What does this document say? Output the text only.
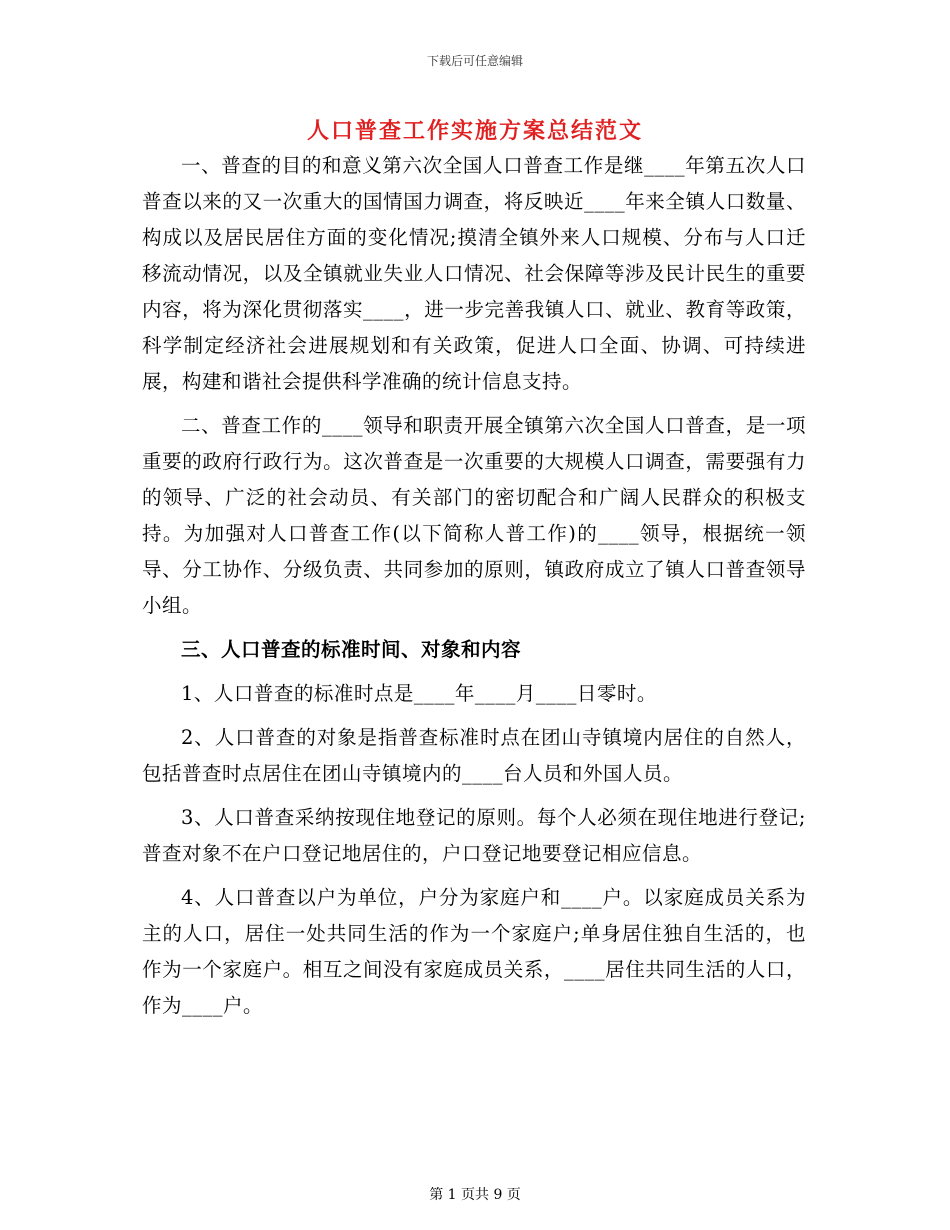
下载后可任意编辑
人口普查工作实施方案总结范文

一、普查的目的和意义第六次全国人口普查工作是继____年第五次人口普查以来的又一次重大的国情国力调查，将反映近____年来全镇人口数量、构成以及居民居住方面的变化情况;摸清全镇外来人口规模、分布与人口迁移流动情况，以及全镇就业失业人口情况、社会保障等涉及民计民生的重要内容，将为深化贯彻落实____，进一步完善我镇人口、就业、教育等政策，科学制定经济社会进展规划和有关政策，促进人口全面、协调、可持续进展，构建和谐社会提供科学准确的统计信息支持。

二、普查工作的____领导和职责开展全镇第六次全国人口普查，是一项重要的政府行政行为。这次普查是一次重要的大规模人口调查，需要强有力的领导、广泛的社会动员、有关部门的密切配合和广阔人民群众的积极支持。为加强对人口普查工作(以下简称人普工作)的____领导，根据统一领导、分工协作、分级负责、共同参加的原则，镇政府成立了镇人口普查领导小组。

三、人口普查的标准时间、对象和内容

1、人口普查的标准时点是____年____月____日零时。

2、人口普查的对象是指普查标准时点在团山寺镇境内居住的自然人，包括普查时点居住在团山寺镇境内的____台人员和外国人员。

3、人口普查采纳按现住地登记的原则。每个人必须在现住地进行登记;普查对象不在户口登记地居住的，户口登记地要登记相应信息。

4、人口普查以户为单位，户分为家庭户和____户。以家庭成员关系为主的人口，居住一处共同生活的作为一个家庭户;单身居住独自生活的，也作为一个家庭户。相互之间没有家庭成员关系，____居住共同生活的人口，作为____户。

第 1 页共 9 页
